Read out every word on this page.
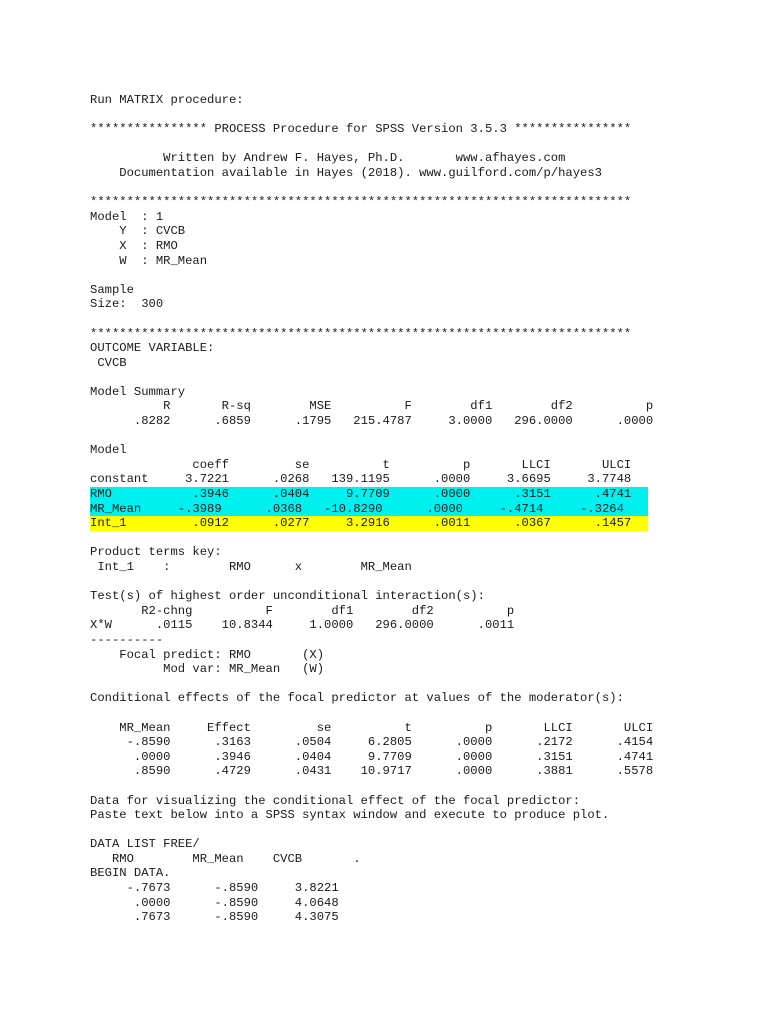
Run MATRIX procedure:
**************** PROCESS Procedure for SPSS Version 3.5.3 ****************
Written by Andrew F. Hayes, Ph.D.       www.afhayes.com
Documentation available in Hayes (2018). www.guilford.com/p/hayes3
**************************************************************************
Model  : 1
Y  : CVCB
X  : RMO
W  : MR_Mean
Sample
Size:  300
**************************************************************************
OUTCOME VARIABLE:
CVCB
Model Summary
R       R-sq        MSE          F        df1        df2          p
.8282      .6859      .1795   215.4787     3.0000   296.0000      .0000
Model
coeff         se          t          p       LLCI       ULCI
constant     3.7221      .0268   139.1195      .0000     3.6695     3.7748
RMO           .3946      .0404     9.7709      .0000      .3151      .4741
MR_Mean     -.3989      .0368   -10.8290      .0000     -.4714     -.3264
Int_1         .0912      .0277     3.2916      .0011      .0367      .1457
Product terms key:
Int_1    :        RMO      x        MR_Mean
Test(s) of highest order unconditional interaction(s):
R2-chng          F        df1        df2          p
X*W      .0115    10.8344     1.0000   296.0000      .0011
----------
Focal predict: RMO       (X)
Mod var: MR_Mean   (W)
Conditional effects of the focal predictor at values of the moderator(s):
MR_Mean     Effect         se          t          p       LLCI       ULCI
-.8590      .3163      .0504     6.2805      .0000      .2172      .4154
.0000      .3946      .0404     9.7709      .0000      .3151      .4741
.8590      .4729      .0431    10.9717      .0000      .3881      .5578
Data for visualizing the conditional effect of the focal predictor:
Paste text below into a SPSS syntax window and execute to produce plot.
DATA LIST FREE/
RMO        MR_Mean    CVCB       .
BEGIN DATA.
-.7673      -.8590     3.8221
.0000      -.8590     4.0648
.7673      -.8590     4.3075
